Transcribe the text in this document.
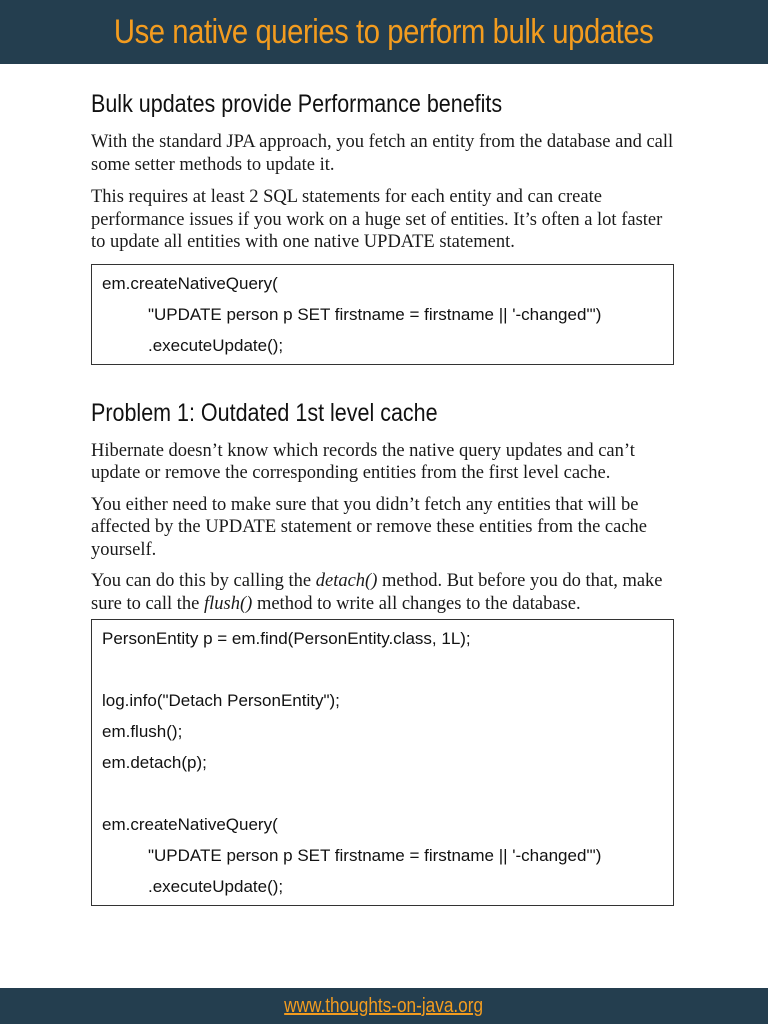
Use native queries to perform bulk updates
Bulk updates provide Performance benefits

With the standard JPA approach, you fetch an entity from the database and call some setter methods to update it.

This requires at least 2 SQL statements for each entity and can create performance issues if you work on a huge set of entities. It’s often a lot faster to update all entities with one native UPDATE statement.

em.createNativeQuery(
"UPDATE person p SET firstname = firstname || '-changed'")
.executeUpdate();
Problem 1: Outdated 1st level cache

Hibernate doesn’t know which records the native query updates and can’t update or remove the corresponding entities from the first level cache.

You either need to make sure that you didn’t fetch any entities that will be affected by the UPDATE statement or remove these entities from the cache yourself.

You can do this by calling the detach() method. But before you do that, make sure to call the flush() method to write all changes to the database.

PersonEntity p = em.find(PersonEntity.class, 1L);
log.info("Detach PersonEntity");
em.flush();
em.detach(p);
em.createNativeQuery(
"UPDATE person p SET firstname = firstname || '-changed'")
.executeUpdate();
www.thoughts-on-java.org
